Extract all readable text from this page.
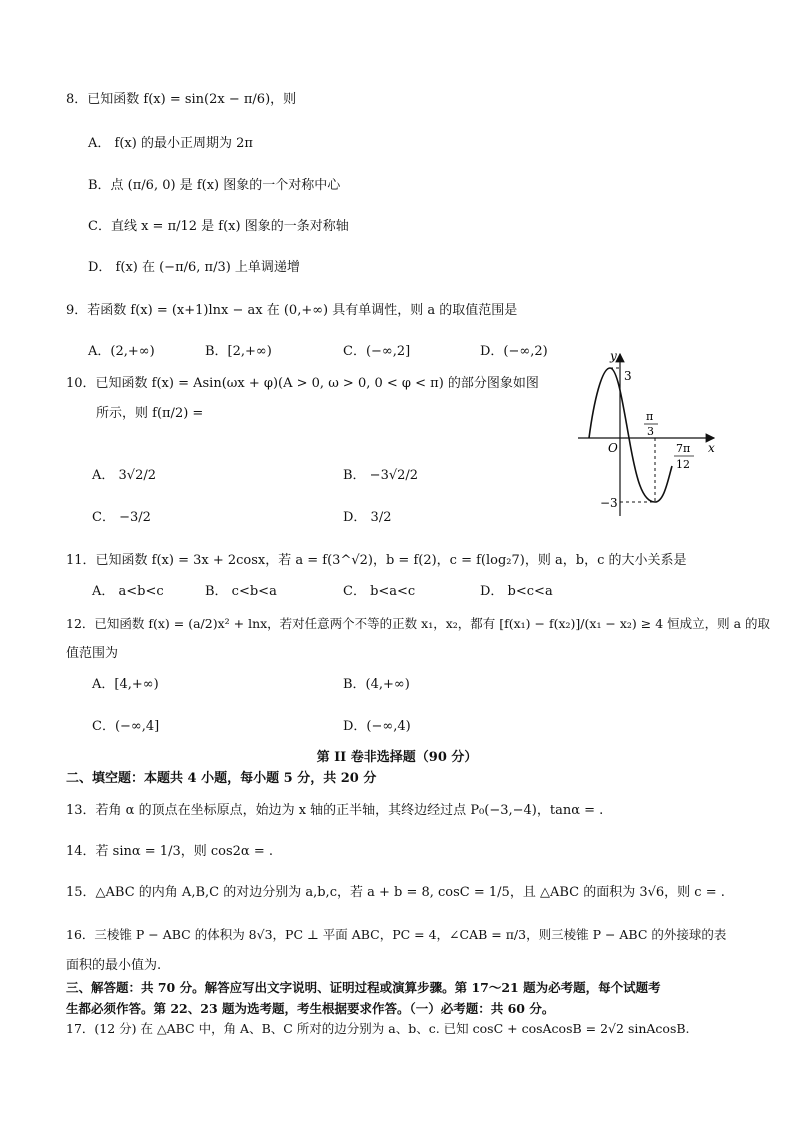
8．已知函数 f(x) = sin(2x − π/6)，则
A． f(x) 的最小正周期为 2π
B．点 (π/6, 0) 是 f(x) 图象的一个对称中心
C．直线 x = π/12 是 f(x) 图象的一条对称轴
D． f(x) 在 (−π/6, π/3) 上单调递增
9．若函数 f(x) = (x+1)lnx − ax 在 (0,+∞) 具有单调性，则 a 的取值范围是
A．(2,+∞)	B．[2,+∞)	C．(−∞,2]	D．(−∞,2)
10．已知函数 f(x) = Asin(ωx + φ)(A > 0, ω > 0, 0 < φ < π) 的部分图象如图
所示，则 f(π/2) =
A． 3√2/2	B． −3√2/2
C． −3/2	D． 3/2
y
x
O
3
−3
π
3
7π
12
11．已知函数 f(x) = 3x + 2cosx，若 a = f(3^√2)，b = f(2)，c = f(log₂7)，则 a，b，c 的大小关系是
A． a<b<c	B． c<b<a	C． b<a<c	D． b<c<a
12．已知函数 f(x) = (a/2)x² + lnx，若对任意两个不等的正数 x₁，x₂，都有 [f(x₁) − f(x₂)]/(x₁ − x₂) ≥ 4 恒成立，则 a 的取
值范围为
A．[4,+∞)	B．(4,+∞)
C．(−∞,4]	D．(−∞,4)
第 II 卷非选择题（90 分）
二、填空题：本题共 4 小题，每小题 5 分，共 20 分
13．若角 α 的顶点在坐标原点，始边为 x 轴的正半轴，其终边经过点 P₀(−3,−4)，tanα = .
14．若 sinα = 1/3，则 cos2α = .
15．△ABC 的内角 A,B,C 的对边分别为 a,b,c，若 a + b = 8, cosC = 1/5，且 △ABC 的面积为 3√6，则 c = .
16．三棱锥 P − ABC 的体积为 8√3，PC ⊥ 平面 ABC，PC = 4，∠CAB = π/3，则三棱锥 P − ABC 的外接球的表
面积的最小值为.
三、解答题：共 70 分。解答应写出文字说明、证明过程或演算步骤。第 17～21 题为必考题，每个试题考
生都必须作答。第 22、23 题为选考题，考生根据要求作答。（一）必考题：共 60 分。
17．(12 分) 在 △ABC 中，角 A、B、C 所对的边分别为 a、b、c. 已知 cosC + cosAcosB = 2√2 sinAcosB.
